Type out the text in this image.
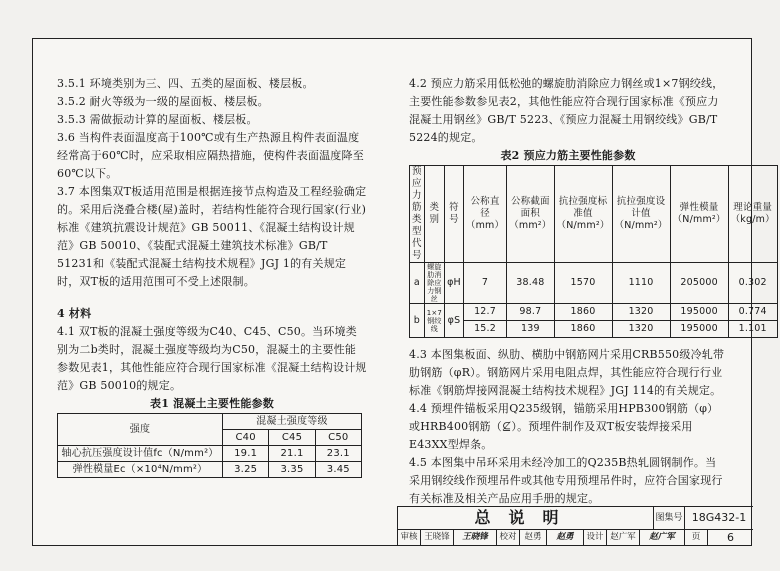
3.5.1 环境类别为三、四、五类的屋面板、楼层板。

3.5.2 耐火等级为一级的屋面板、楼层板。

3.5.3 需做振动计算的屋面板、楼层板。

3.6 当构件表面温度高于100℃或有生产热源且构件表面温度经常高于60℃时，应采取相应隔热措施，使构件表面温度降至60℃以下。

3.7 本图集双T板适用范围是根据连接节点构造及工程经验确定的。采用后浇叠合楼(屋)盖时，若结构性能符合现行国家(行业)标准《建筑抗震设计规范》GB 50011、《混凝土结构设计规范》GB 50010、《装配式混凝土建筑技术标准》GB/T 51231和《装配式混凝土结构技术规程》JGJ 1的有关规定时，双T板的适用范围可不受上述限制。

4 材料

4.1 双T板的混凝土强度等级为C40、C45、C50。当环境类别为二b类时，混凝土强度等级均为C50，混凝土的主要性能参数见表1，其他性能应符合现行国家标准《混凝土结构设计规范》GB 50010的规定。

表1 混凝土主要性能参数

强度	混凝土强度等级		
	C40	C45	C50
轴心抗压强度设计值fc（N/mm²）	19.1	21.1	23.1
弹性模量Ec（×10⁴N/mm²）	3.25	3.35	3.45

4.2 预应力筋采用低松弛的螺旋肋消除应力钢丝或1×7钢绞线，主要性能参数参见表2，其他性能应符合现行国家标准《预应力混凝土用钢丝》GB/T 5223、《预应力混凝土用钢绞线》GB/T 5224的规定。

表2 预应力筋主要性能参数

预应力筋类型代号	类别	符号	公称直径（mm）	公称截面面积（mm²）	抗拉强度标准值（N/mm²）	抗拉强度设计值（N/mm²）	弹性模量（N/mm²）	理论重量（kg/m）
a	螺旋肋消除应力钢丝	φH	7	38.48	1570	1110	205000	0.302
b	1×7钢绞线	φS	12.7	98.7	1860	1320	195000	0.774
			15.2	139	1860	1320	195000	1.101

4.3 本图集板面、纵肋、横肋中钢筋网片采用CRB550级冷轧带肋钢筋（φR）。钢筋网片采用电阻点焊，其性能应符合现行行业标准《钢筋焊接网混凝土结构技术规程》JGJ 114的有关规定。

4.4 预埋件锚板采用Q235级钢，锚筋采用HPB300钢筋（φ）或HRB400钢筋（⊈）。预埋件制作及双T板安装焊接采用E43XX型焊条。

4.5 本图集中吊环采用未经冷加工的Q235B热轧圆钢制作。当采用钢绞线作预埋吊件或其他专用预埋吊件时，应符合国家现行有关标准及相关产品应用手册的规定。

总说明	图集号 18G432-1
审核 王晓锋	王晓锋	校对 赵勇	赵勇	设计 赵广军	赵广军	页	6
